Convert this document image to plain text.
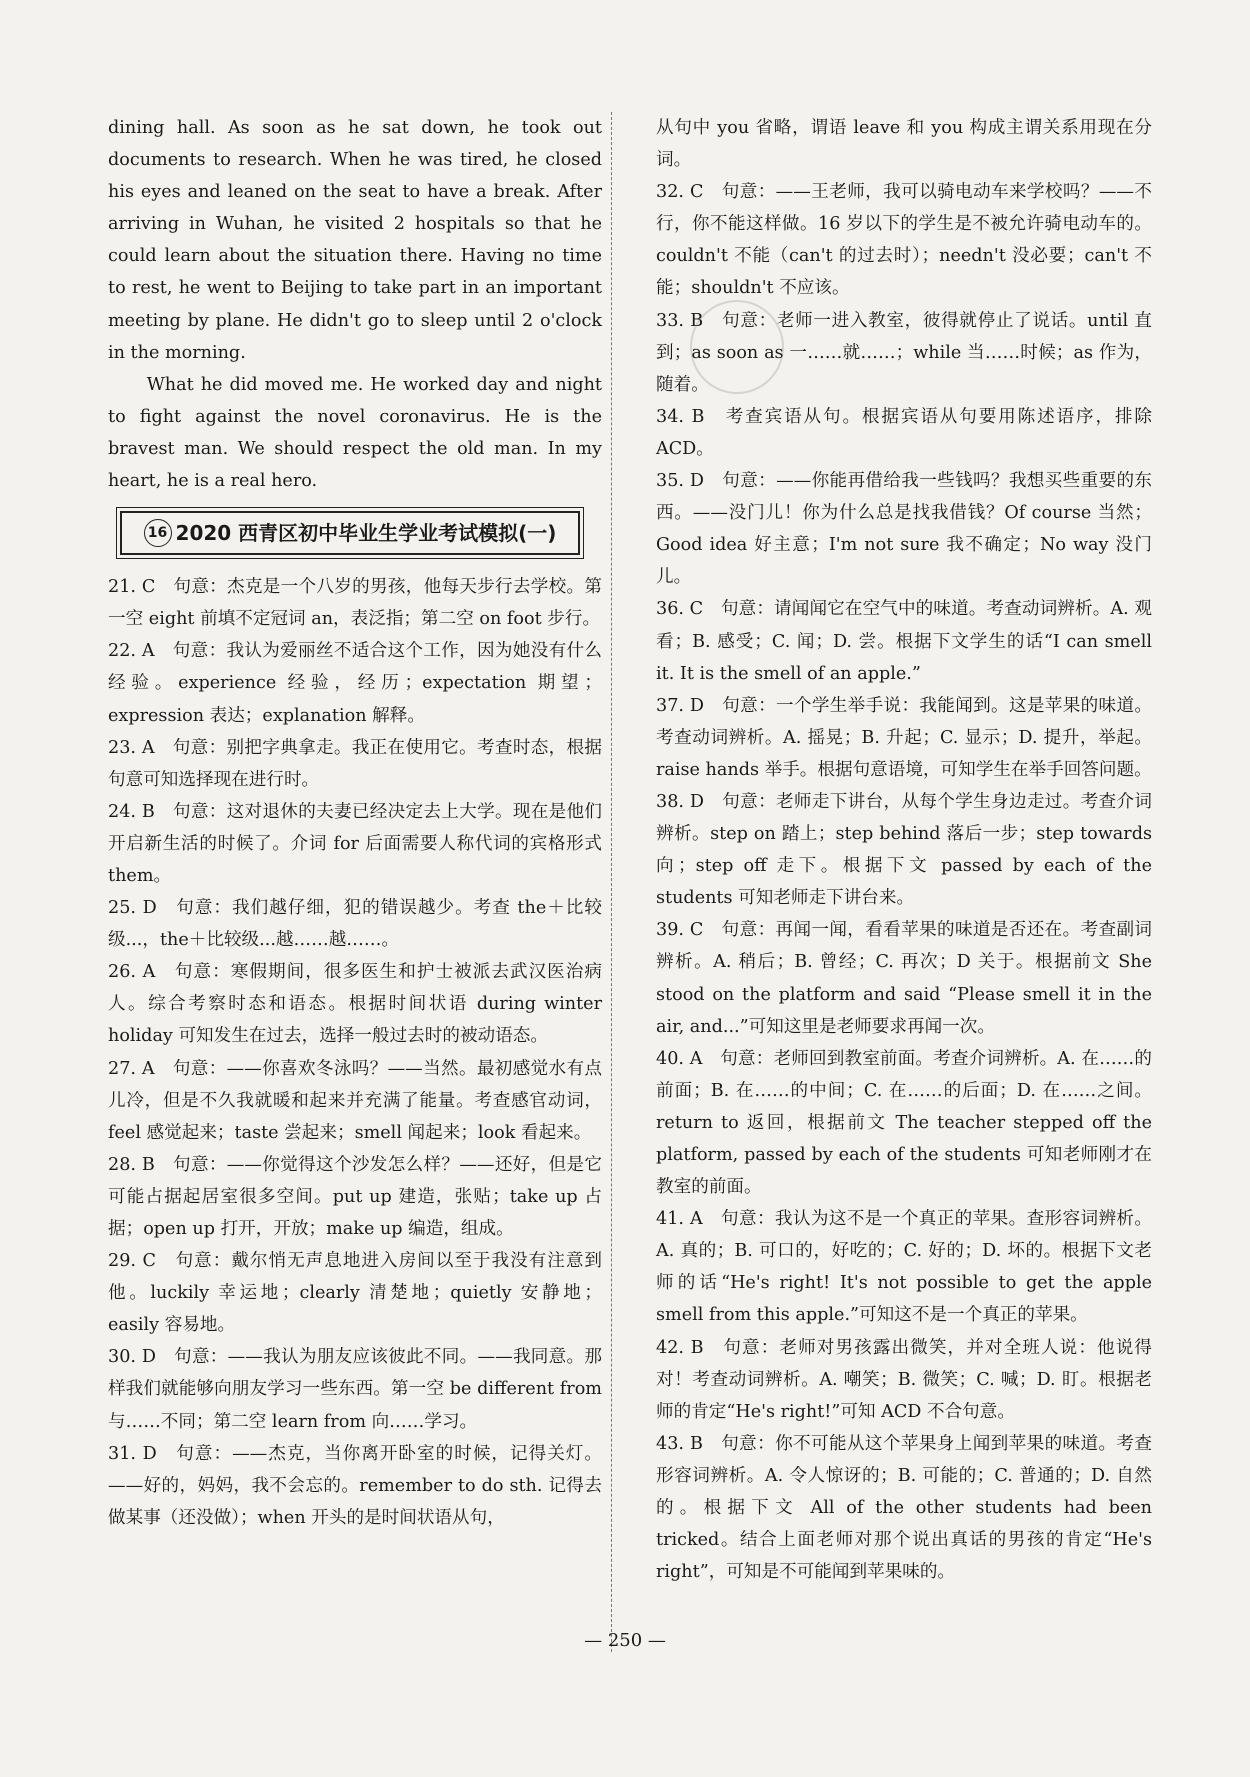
dining hall. As soon as he sat down, he took out documents to research. When he was tired, he closed his eyes and leaned on the seat to have a break. After arriving in Wuhan, he visited 2 hospitals so that he could learn about the situation there. Having no time to rest, he went to Beijing to take part in an important meeting by plane. He didn't go to sleep until 2 o'clock in the morning.

What he did moved me. He worked day and night to fight against the novel coronavirus. He is the bravest man. We should respect the old man. In my heart, he is a real hero.

16 2020 西青区初中毕业生学业考试模拟(一)

21. C　句意：杰克是一个八岁的男孩，他每天步行去学校。第一空 eight 前填不定冠词 an，表泛指；第二空 on foot 步行。

22. A　句意：我认为爱丽丝不适合这个工作，因为她没有什么经验。experience 经验，经历；expectation 期望；expression 表达；explanation 解释。

23. A　句意：别把字典拿走。我正在使用它。考查时态，根据句意可知选择现在进行时。

24. B　句意：这对退休的夫妻已经决定去上大学。现在是他们开启新生活的时候了。介词 for 后面需要人称代词的宾格形式 them。

25. D　句意：我们越仔细，犯的错误越少。考查 the＋比较级...，the＋比较级...越……越……。

26. A　句意：寒假期间，很多医生和护士被派去武汉医治病人。综合考察时态和语态。根据时间状语 during winter holiday 可知发生在过去，选择一般过去时的被动语态。

27. A　句意：——你喜欢冬泳吗？——当然。最初感觉水有点儿冷，但是不久我就暖和起来并充满了能量。考查感官动词，feel 感觉起来；taste 尝起来；smell 闻起来；look 看起来。

28. B　句意：——你觉得这个沙发怎么样？——还好，但是它可能占据起居室很多空间。put up 建造，张贴；take up 占据；open up 打开，开放；make up 编造，组成。

29. C　句意：戴尔悄无声息地进入房间以至于我没有注意到他。luckily 幸运地；clearly 清楚地；quietly 安静地；easily 容易地。

30. D　句意：——我认为朋友应该彼此不同。——我同意。那样我们就能够向朋友学习一些东西。第一空 be different from 与……不同；第二空 learn from 向……学习。

31. D　句意：——杰克，当你离开卧室的时候，记得关灯。——好的，妈妈，我不会忘的。remember to do sth. 记得去做某事（还没做）；when 开头的是时间状语从句，

从句中 you 省略，谓语 leave 和 you 构成主谓关系用现在分词。

32. C　句意：——王老师，我可以骑电动车来学校吗？——不行，你不能这样做。16 岁以下的学生是不被允许骑电动车的。couldn't 不能（can't 的过去时）；needn't 没必要；can't 不能；shouldn't 不应该。

33. B　句意：老师一进入教室，彼得就停止了说话。until 直到；as soon as 一……就……；while 当……时候；as 作为，随着。

34. B　考查宾语从句。根据宾语从句要用陈述语序，排除 ACD。

35. D　句意：——你能再借给我一些钱吗？我想买些重要的东西。——没门儿！你为什么总是找我借钱？Of course 当然；Good idea 好主意；I'm not sure 我不确定；No way 没门儿。

36. C　句意：请闻闻它在空气中的味道。考查动词辨析。A. 观看；B. 感受；C. 闻；D. 尝。根据下文学生的话“I can smell it. It is the smell of an apple.”

37. D　句意：一个学生举手说：我能闻到。这是苹果的味道。考查动词辨析。A. 摇晃；B. 升起；C. 显示；D. 提升，举起。raise hands 举手。根据句意语境，可知学生在举手回答问题。

38. D　句意：老师走下讲台，从每个学生身边走过。考查介词辨析。step on 踏上；step behind 落后一步；step towards 向；step off 走下。根据下文 passed by each of the students 可知老师走下讲台来。

39. C　句意：再闻一闻，看看苹果的味道是否还在。考查副词辨析。A. 稍后；B. 曾经；C. 再次；D 关于。根据前文 She stood on the platform and said “Please smell it in the air, and...”可知这里是老师要求再闻一次。

40. A　句意：老师回到教室前面。考查介词辨析。A. 在……的前面；B. 在……的中间；C. 在……的后面；D. 在……之间。return to 返回，根据前文 The teacher stepped off the platform, passed by each of the students 可知老师刚才在教室的前面。

41. A　句意：我认为这不是一个真正的苹果。查形容词辨析。A. 真的；B. 可口的，好吃的；C. 好的；D. 坏的。根据下文老师的话“He's right! It's not possible to get the apple smell from this apple.”可知这不是一个真正的苹果。

42. B　句意：老师对男孩露出微笑，并对全班人说：他说得对！考查动词辨析。A. 嘲笑；B. 微笑；C. 喊；D. 盯。根据老师的肯定“He's right!”可知 ACD 不合句意。

43. B　句意：你不可能从这个苹果身上闻到苹果的味道。考查形容词辨析。A. 令人惊讶的；B. 可能的；C. 普通的；D. 自然的。根据下文 All of the other students had been tricked。结合上面老师对那个说出真话的男孩的肯定“He's right”，可知是不可能闻到苹果味的。

— 250 —
